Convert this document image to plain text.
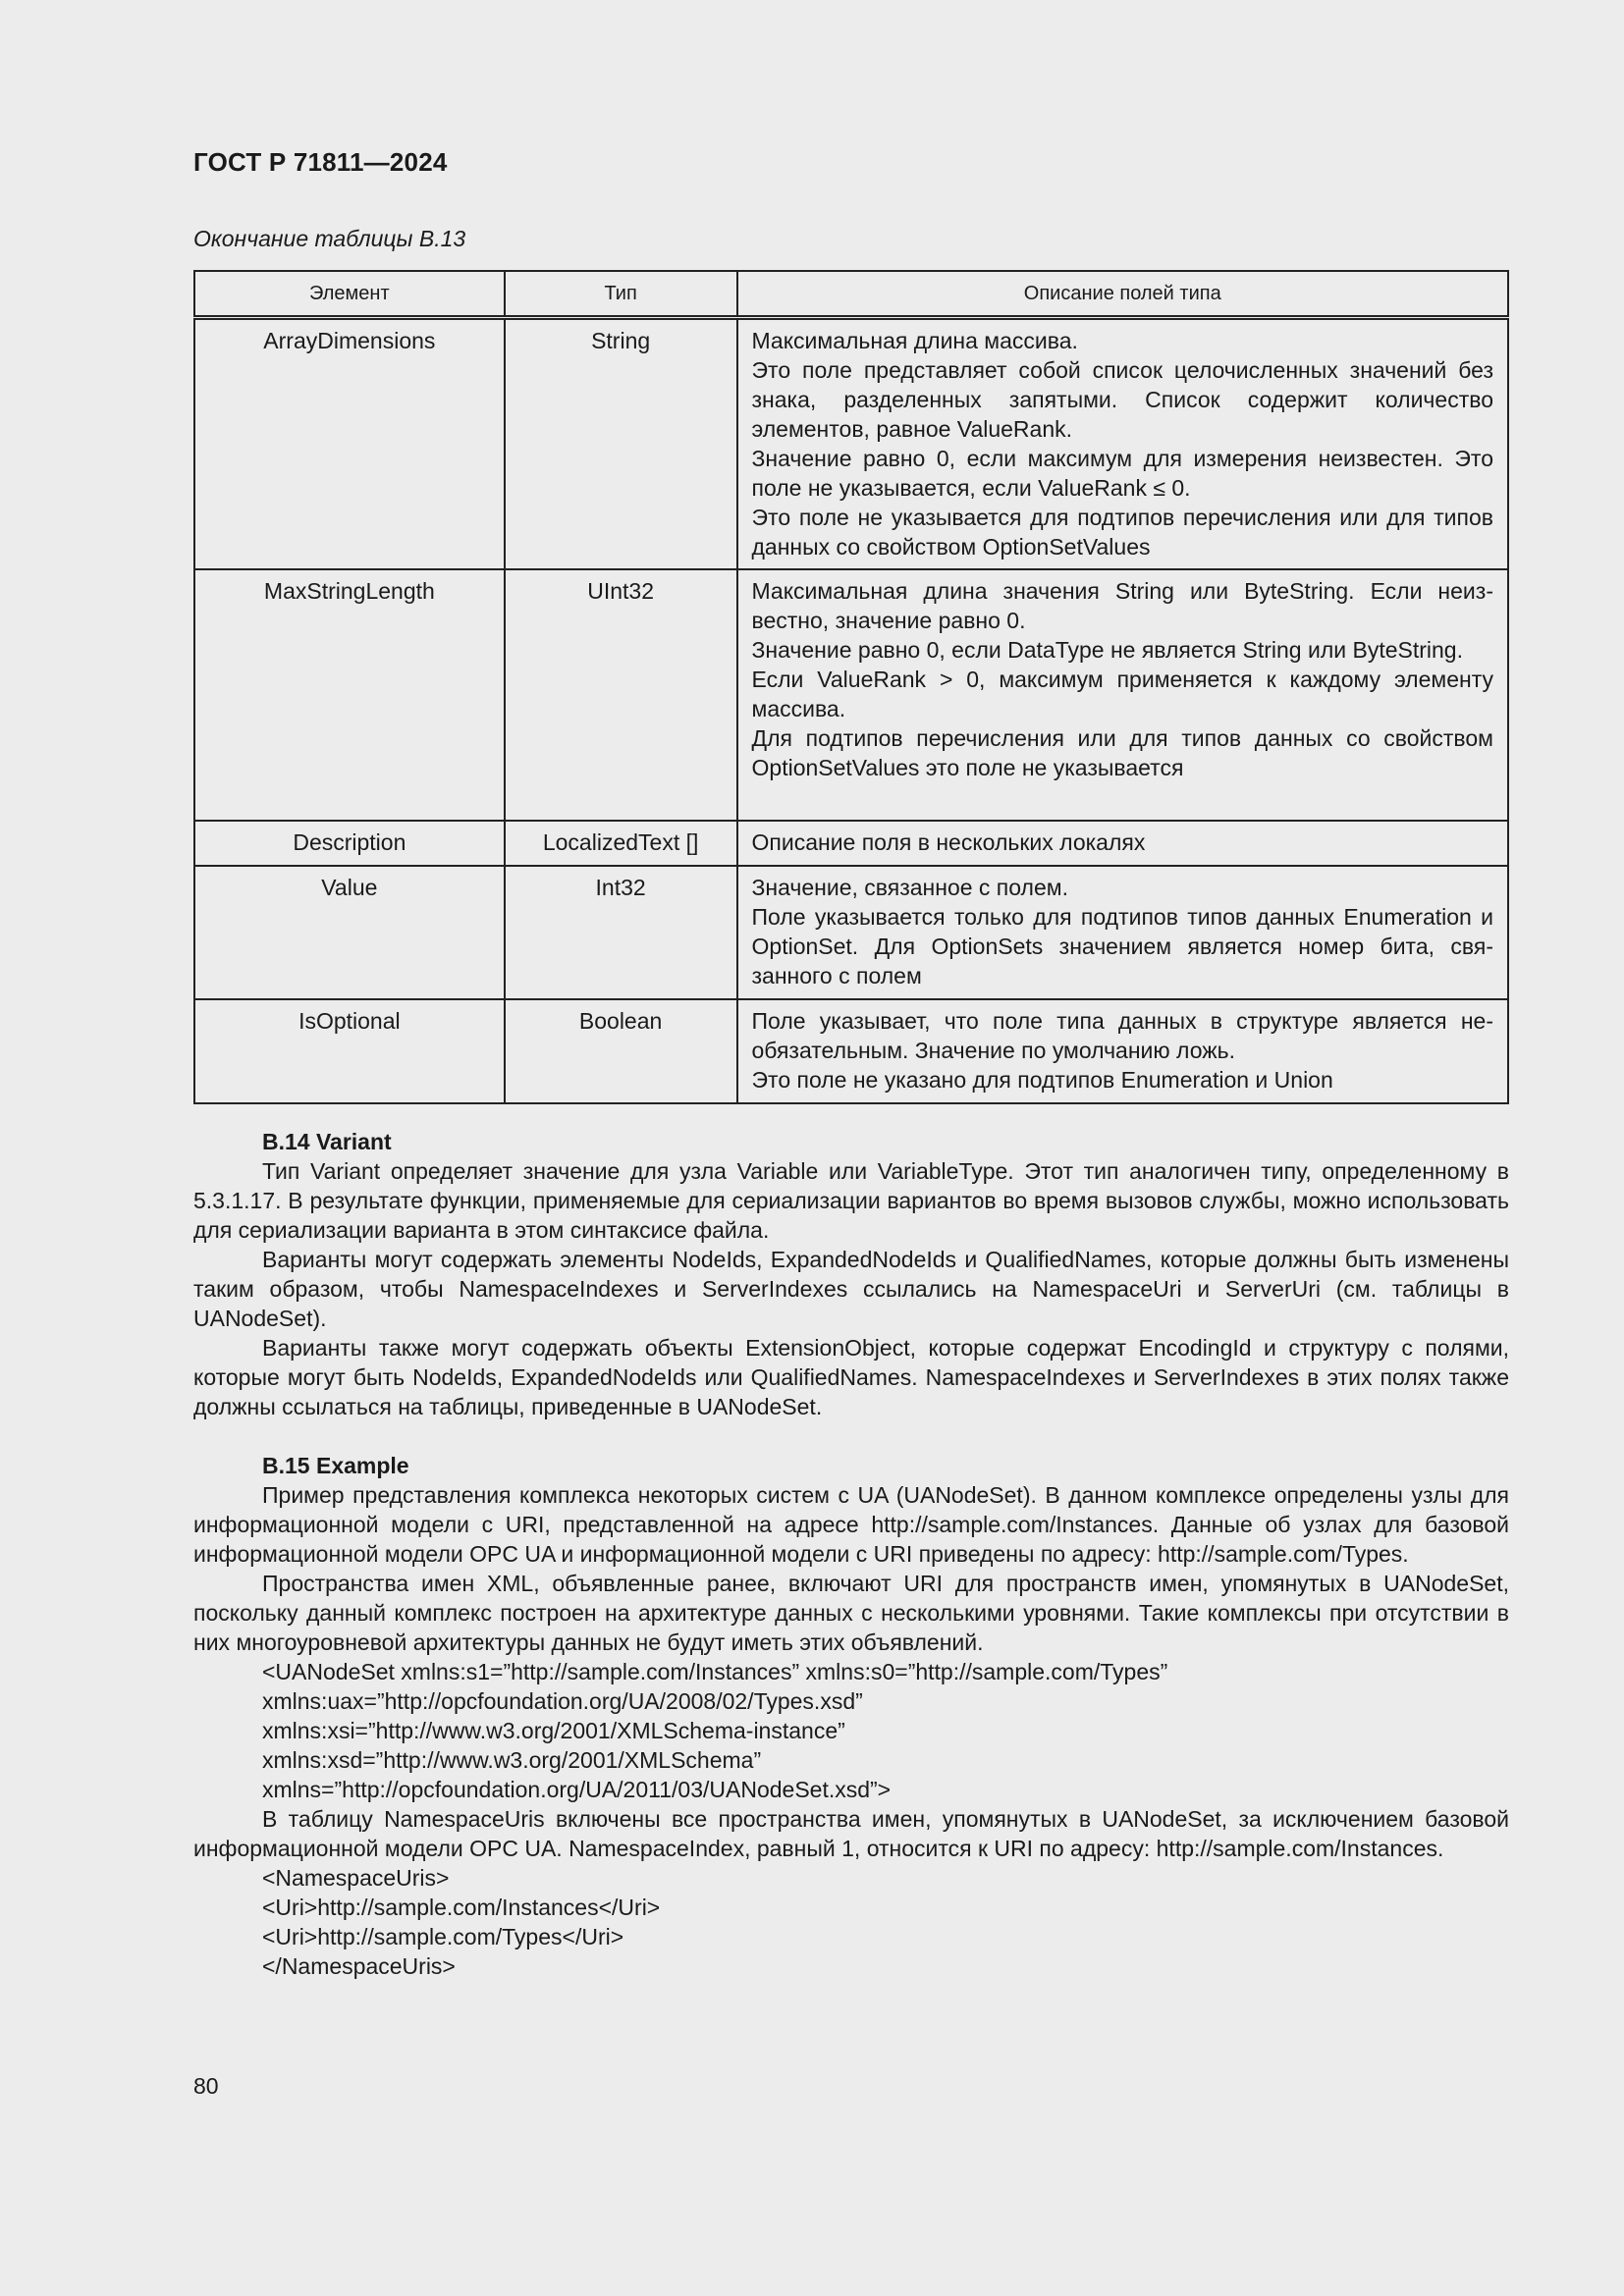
ГОСТ Р 71811—2024
Окончание таблицы В.13
Элемент	Тип	Описание полей типа
ArrayDimensions	String	Максимальная длина массива.
Это поле представляет собой список целочисленных значений без знака, разделенных запятыми. Список содержит количество элементов, равное ValueRank.
Значение равно 0, если максимум для измерения неизвестен. Это поле не указывается, если ValueRank ≤ 0.
Это поле не указывается для подтипов перечисления или для типов данных со свойством OptionSetValues

MaxStringLength	UInt32	Максимальная длина значения String или ByteString. Если неизвестно, значение равно 0.
Значение равно 0, если DataType не является String или ByteString.
Если ValueRank > 0, максимум применяется к каждому элементу массива.
Для подтипов перечисления или для типов данных со свойством OptionSetValues это поле не указывается

Description	LocalizedText []	Описание поля в нескольких локалях

Value	Int32	Значение, связанное с полем.
Поле указывается только для подтипов типов данных Enumeration и OptionSet. Для OptionSets значением является номер бита, связанного с полем

IsOptional	Boolean	Поле указывает, что поле типа данных в структуре является необязательным. Значение по умолчанию ложь.
Это поле не указано для подтипов Enumeration и Union

В.14 Variant

Тип Variant определяет значение для узла Variable или VariableType. Этот тип аналогичен типу, определенному в 5.3.1.17. В результате функции, применяемые для сериализации вариантов во время вызовов службы, можно использовать для сериализации варианта в этом синтаксисе файла.

Варианты могут содержать элементы NodeIds, ExpandedNodeIds и QualifiedNames, которые должны быть изменены таким образом, чтобы NamespaceIndexes и ServerIndexes ссылались на NamespaceUri и ServerUri (см. таблицы в UANodeSet).

Варианты также могут содержать объекты ExtensionObject, которые содержат EncodingId и структуру с полями, которые могут быть NodeIds, ExpandedNodeIds или QualifiedNames. NamespaceIndexes и ServerIndexes в этих полях также должны ссылаться на таблицы, приведенные в UANodeSet.

В.15 Example

Пример представления комплекса некоторых систем с UA (UANodeSet). В данном комплексе определены узлы для информационной модели с URI, представленной на адресе http://sample.com/Instances. Данные об узлах для базовой информационной модели OPC UA и информационной модели с URI приведены по адресу: http://sample.com/Types.

Пространства имен XML, объявленные ранее, включают URI для пространств имен, упомянутых в UANodeSet, поскольку данный комплекс построен на архитектуре данных с несколькими уровнями. Такие комплексы при отсутствии в них многоуровневой архитектуры данных не будут иметь этих объявлений.

<UANodeSet xmlns:s1=”http://sample.com/Instances” xmlns:s0=”http://sample.com/Types”

xmlns:uax=”http://opcfoundation.org/UA/2008/02/Types.xsd”

xmlns:xsi=”http://www.w3.org/2001/XMLSchema-instance”

xmlns:xsd=”http://www.w3.org/2001/XMLSchema”

xmlns=”http://opcfoundation.org/UA/2011/03/UANodeSet.xsd”>

В таблицу NamespaceUris включены все пространства имен, упомянутых в UANodeSet, за исключением базовой информационной модели OPC UA. NamespaceIndex, равный 1, относится к URI по адресу: http://sample.com/Instances.

<NamespaceUris>

<Uri>http://sample.com/Instances</Uri>

<Uri>http://sample.com/Types</Uri>

</NamespaceUris>

80
